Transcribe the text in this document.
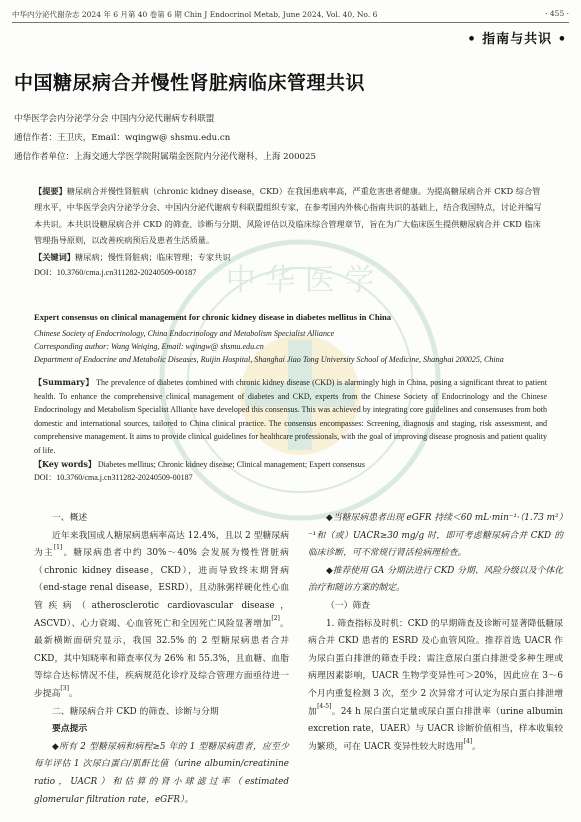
中华内分泌代谢杂志 2024 年 6 月第 40 卷第 6 期 Chin J Endocrinol Metab, June 2024, Vol. 40, No. 6	· 455 ·
• 指南与共识 •
中国糖尿病合并慢性肾脏病临床管理共识
中华医学会内分泌学分会 中国内分泌代谢病专科联盟
通信作者：王卫庆，Email：wqingw@ shsmu.edu.cn
通信作者单位：上海交通大学医学院附属瑞金医院内分泌代谢科，上海 200025
【提要】糖尿病合并慢性肾脏病（chronic kidney disease，CKD）在我国患病率高，严重危害患者健康。为提高糖尿病合并 CKD 综合管理水平，中华医学会内分泌学分会、中国内分泌代谢病专科联盟组织专家，在参考国内外核心指南共识的基础上，结合我国特点，讨论并编写本共识。本共识设糖尿病合并 CKD 的筛查、诊断与分期、风险评估以及临床综合管理章节，旨在为广大临床医生提供糖尿病合并 CKD 临床管理指导原则，以改善疾病预后及患者生活质量。
【关键词】糖尿病；慢性肾脏病；临床管理；专家共识
DOI：10.3760/cma.j.cn311282-20240509-00187 中 华 医 学
Expert consensus on clinical management for chronic kidney disease in diabetes mellitus in China
Chinese Society of Endocrinology, China Endocrinology and Metabolism Specialist Alliance
Corresponding author: Wang Weiqing, Email: wqingw@ shsmu.edu.cn
Department of Endocrine and Metabolic Diseases, Ruijin Hospital, Shanghai Jiao Tong University School of Medicine, Shanghai 200025, China
【Summary】 The prevalence of diabetes combined with chronic kidney disease (CKD) is alarmingly high in China, posing a significant threat to patient health. To enhance the comprehensive clinical management of diabetes and CKD, experts from the Chinese Society of Endocrinology and the Chinese Endocrinology and Metabolism Specialist Alliance have developed this consensus. This was achieved by integrating core guidelines and consensuses from both domestic and international sources, tailored to China clinical practice. The consensus encompasses: Screening, diagnosis and staging, risk assessment, and comprehensive management. It aims to provide clinical guidelines for healthcare professionals, with the goal of improving disease prognosis and patient quality of life.
【Key words】 Diabetes mellitus; Chronic kidney disease; Clinical management; Expert consensus
DOI：10.3760/cma.j.cn311282-20240509-00187

一、概述

近年来我国成人糖尿病患病率高达 12.4%，且以 2 型糖尿病为主[1]。糖尿病患者中约 30%～40% 会发展为慢性肾脏病（chronic kidney disease，CKD），进而导致终末期肾病（end-stage renal disease，ESRD），且动脉粥样硬化性心血管疾病（atherosclerotic cardiovascular disease，ASCVD）、心力衰竭、心血管死亡和全因死亡风险显著增加[2]。最新横断面研究显示，我国 32.5% 的 2 型糖尿病患者合并 CKD，其中知晓率和筛查率仅为 26% 和 55.3%，且血糖、血脂等综合达标情况不佳，疾病规范化诊疗及综合管理方面亟待进一步提高[3]。

二、糖尿病合并 CKD 的筛查、诊断与分期

要点提示

◆所有 2 型糖尿病和病程≥5 年的 1 型糖尿病患者，应至少每年评估 1 次尿白蛋白/肌酐比值（urine albumin/creatinine ratio，UACR）和估算的肾小球滤过率（estimated glomerular filtration rate，eGFR）。

◆当糖尿病患者出现 eGFR 持续＜60 mL·min⁻¹·（1.73 m²）⁻¹和（或）UACR≥30 mg/g 时，即可考虑糖尿病合并 CKD 的临床诊断，可不常规行肾活检病理检查。

◆推荐使用 GA 分期法进行 CKD 分期、风险分级以及个体化治疗和随访方案的制定。

（一）筛查

1. 筛查指标及时机：CKD 的早期筛查及诊断可显著降低糖尿病合并 CKD 患者的 ESRD 及心血管风险。推荐首选 UACR 作为尿白蛋白排泄的筛查手段；需注意尿白蛋白排泄受多种生理或病理因素影响，UACR 生物学变异性可＞20%，因此应在 3～6 个月内重复检测 3 次，至少 2 次异常才可认定为尿白蛋白排泄增加[4-5]。24 h 尿白蛋白定量或尿白蛋白排泄率（urine albumin excretion rate，UAER）与 UACR 诊断价值相当，样本收集较为繁琐，可在 UACR 变异性较大时选用[4]。
